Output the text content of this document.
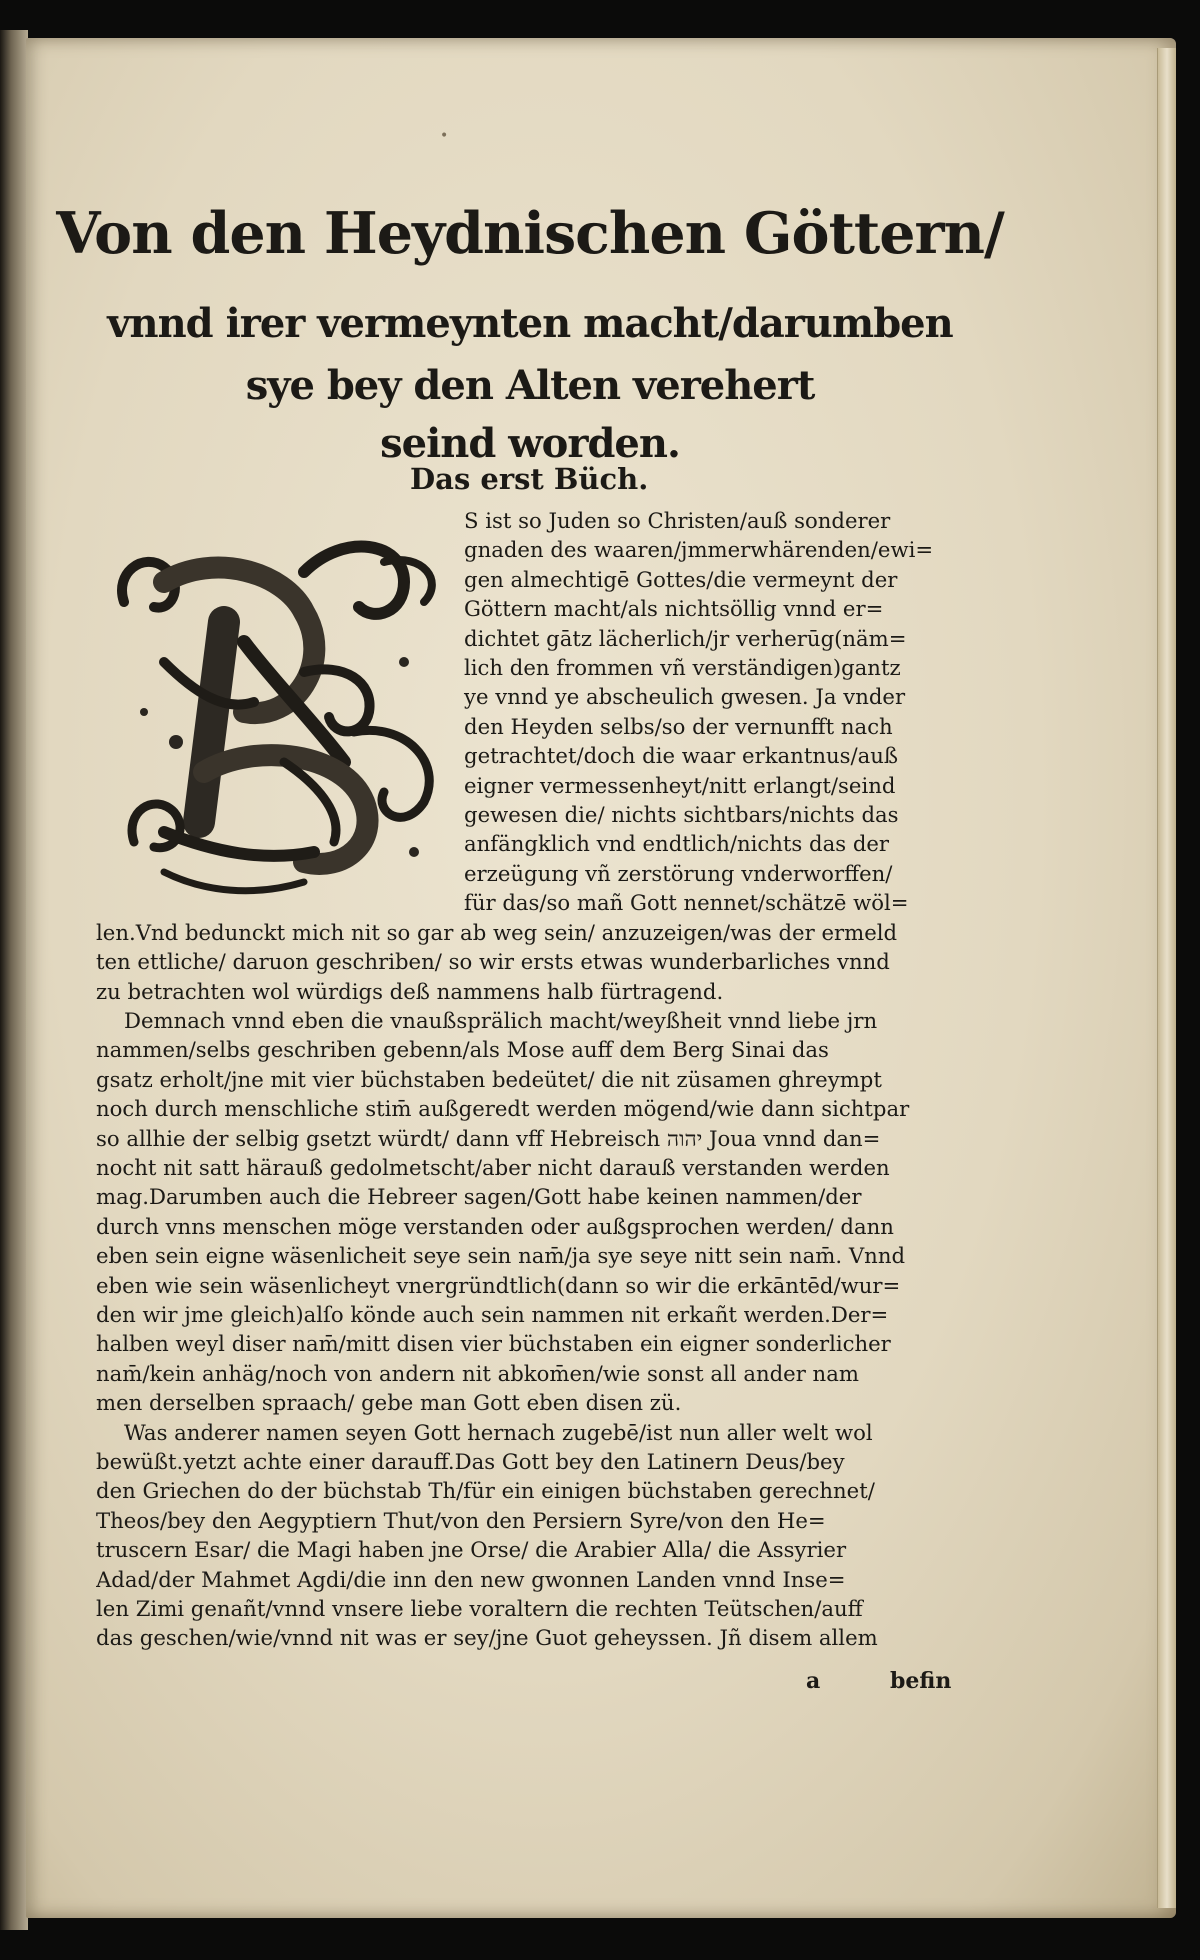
•
Von den Heydnischen Göttern/
vnnd irer vermeynten macht/darumben
sye bey den Alten verehert
seind worden.
Das erst Büch.
S ist so Juden so Christen/auß sonderer
gnaden des waaren/jmmerwhärenden/ewi=
gen almechtigē Gottes/die vermeynt der
Göttern macht/als nichtsöllig vnnd er=
dichtet gātz lächerlich/jr verherūg(näm=
lich den frommen vñ verständigen)gantz
ye vnnd ye abscheulich gwesen. Ja vnder
den Heyden selbs/so der vernunfft nach
getrachtet/doch die waar erkantnus/auß
eigner vermessenheyt/nitt erlangt/seind
gewesen die/ nichts sichtbars/nichts das
anfängklich vnd endtlich/nichts das der
erzeügung vñ zerstörung vnderworffen/
für das/so mañ Gott nennet/schätzē wöl=
len.Vnd bedunckt mich nit so gar ab weg sein/ anzuzeigen/was der ermeld
ten ettliche/ daruon geschriben/ so wir ersts etwas wunderbarliches vnnd
zu betrachten wol würdigs deß nammens halb fürtragend.
Demnach vnnd eben die vnaußsprälich macht/weyßheit vnnd liebe jrn
nammen/selbs geschriben gebenn/als Mose auff dem Berg Sinai das
gsatz erholt/jne mit vier büchstaben bedeütet/ die nit züsamen ghreympt
noch durch menschliche stim̄ außgeredt werden mögend/wie dann sichtpar
so allhie der selbig gsetzt würdt/ dann vff Hebreisch יהוה Joua vnnd dan=
nocht nit satt härauß gedolmetscht/aber nicht darauß verstanden werden
mag.Darumben auch die Hebreer sagen/Gott habe keinen nammen/der
durch vnns menschen möge verstanden oder außgsprochen werden/ dann
eben sein eigne wäsenlicheit seye sein nam̄/ja sye seye nitt sein nam̄. Vnnd
eben wie sein wäsenlicheyt vnergründtlich(dann so wir die erkāntēd/wur=
den wir jme gleich)alſo könde auch sein nammen nit erkañt werden.Der=
halben weyl diser nam̄/mitt disen vier büchstaben ein eigner sonderlicher
nam̄/kein anhäg/noch von andern nit abkom̄en/wie sonst all ander nam
men derselben spraach/ gebe man Gott eben disen zü.
Was anderer namen seyen Gott hernach zugebē/ist nun aller welt wol
bewüßt.yetzt achte einer darauff.Das Gott bey den Latinern Deus/bey
den Griechen do der büchstab Th/für ein einigen büchstaben gerechnet/
Theos/bey den Aegyptiern Thut/von den Persiern Syre/von den He=
truscern Esar/ die Magi haben jne Orse/ die Arabier Alla/ die Assyrier
Adad/der Mahmet Agdi/die inn den new gwonnen Landen vnnd Inse=
len Zimi genañt/vnnd vnsere liebe voraltern die rechten Teütschen/auff
das geschen/wie/vnnd nit was er sey/jne Guot geheyssen. Jñ disem allem
a	befin
